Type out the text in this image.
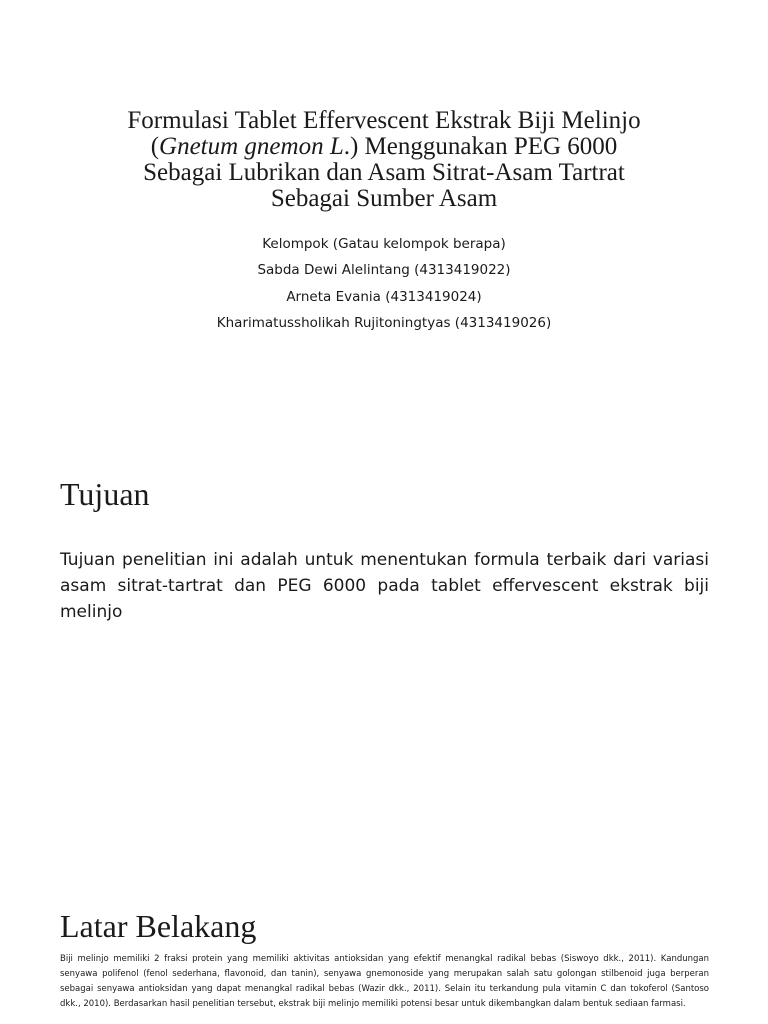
Formulasi Tablet Effervescent Ekstrak Biji Melinjo
(Gnetum gnemon L.) Menggunakan PEG 6000
Sebagai Lubrikan dan Asam Sitrat-Asam Tartrat
Sebagai Sumber Asam
Kelompok (Gatau kelompok berapa)
Sabda Dewi Alelintang (4313419022)
Arneta Evania (4313419024)
Kharimatussholikah Rujitoningtyas (4313419026)
Tujuan
Tujuan penelitian ini adalah untuk menentukan formula terbaik dari variasi asam sitrat-tartrat dan PEG 6000 pada tablet effervescent ekstrak biji melinjo
Latar Belakang
Biji melinjo memiliki 2 fraksi protein yang memiliki aktivitas antioksidan yang efektif menangkal radikal bebas (Siswoyo dkk., 2011). Kandungan senyawa polifenol (fenol sederhana, flavonoid, dan tanin), senyawa gnemonoside yang merupakan salah satu golongan stilbenoid juga berperan sebagai senyawa antioksidan yang dapat menangkal radikal bebas (Wazir dkk., 2011). Selain itu terkandung pula vitamin C dan tokoferol (Santoso dkk., 2010). Berdasarkan hasil penelitian tersebut, ekstrak biji melinjo memiliki potensi besar untuk dikembangkan dalam bentuk sediaan farmasi.
